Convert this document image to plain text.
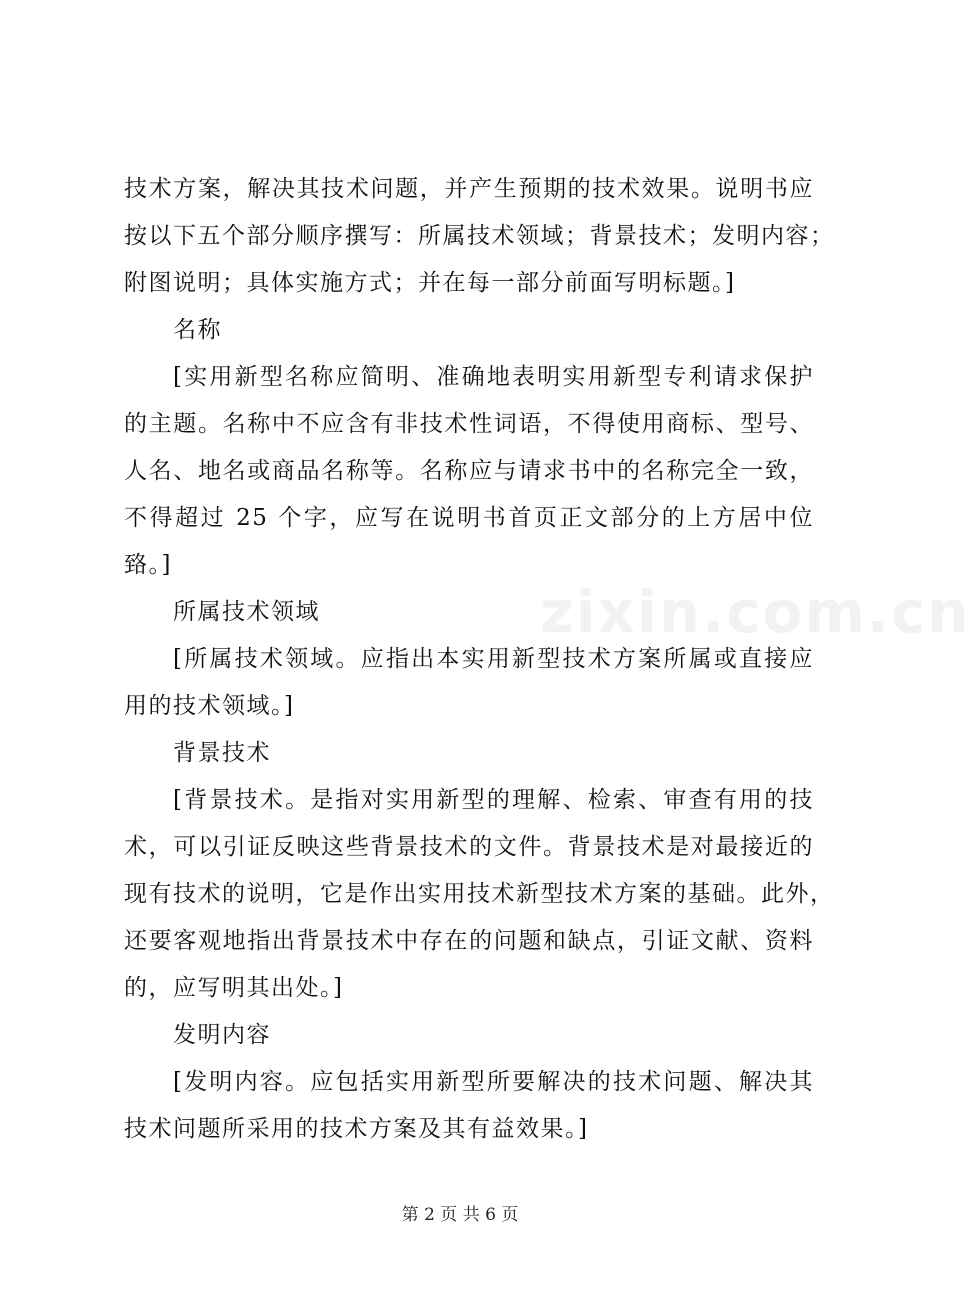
zixin.com.cn
技术方案，解决其技术问题，并产生预期的技术效果。说明书应
按以下五个部分顺序撰写：所属技术领域；背景技术；发明内容；
附图说明；具体实施方式；并在每一部分前面写明标题。]
名称
[实用新型名称应简明、准确地表明实用新型专利请求保护
的主题。名称中不应含有非技术性词语，不得使用商标、型号、
人名、地名或商品名称等。名称应与请求书中的名称完全一致，
不得超过 25 个字，应写在说明书首页正文部分的上方居中位
臵。]
所属技术领域
[所属技术领域。应指出本实用新型技术方案所属或直接应
用的技术领域。]
背景技术
[背景技术。是指对实用新型的理解、检索、审查有用的技
术，可以引证反映这些背景技术的文件。背景技术是对最接近的
现有技术的说明，它是作出实用技术新型技术方案的基础。此外，
还要客观地指出背景技术中存在的问题和缺点，引证文献、资料
的，应写明其出处。]
发明内容
[发明内容。应包括实用新型所要解决的技术问题、解决其
技术问题所采用的技术方案及其有益效果。]
第 2 页 共 6 页
